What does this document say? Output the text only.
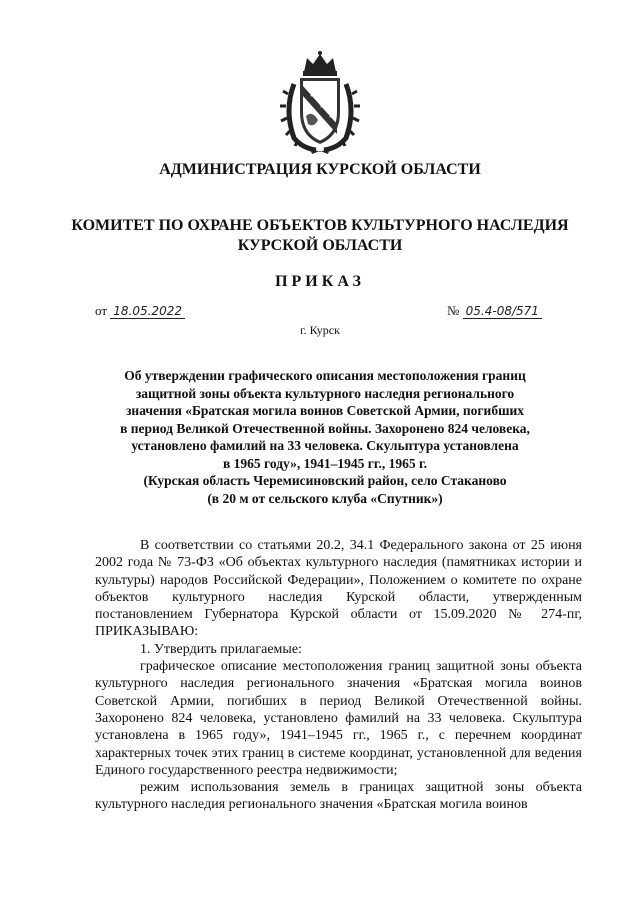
АДМИНИСТРАЦИЯ КУРСКОЙ ОБЛАСТИ
КОМИТЕТ ПО ОХРАНЕ ОБЪЕКТОВ КУЛЬТУРНОГО НАСЛЕДИЯ
КУРСКОЙ ОБЛАСТИ
ПРИКАЗ
от 18.05.2022	№ 05.4-08/571
г. Курск
Об утверждении графического описания местоположения границ
защитной зоны объекта культурного наследия регионального
значения «Братская могила воинов Советской Армии, погибших
в период Великой Отечественной войны. Захоронено 824 человека,
установлено фамилий на 33 человека. Скульптура установлена
в 1965 году», 1941–1945 гг., 1965 г.
(Курская область Черемисиновский район, село Стаканово
(в 20 м от сельского клуба «Спутник»)

В соответствии со статьями 20.2, 34.1 Федерального закона от 25 июня 2002 года № 73-ФЗ «Об объектах культурного наследия (памятниках истории и культуры) народов Российской Федерации», Положением о комитете по охране объектов культурного наследия Курской области, утвержденным постановлением Губернатора Курской области от 15.09.2020 № 274-пг, ПРИКАЗЫВАЮ:

1. Утвердить прилагаемые:

графическое описание местоположения границ защитной зоны объекта культурного наследия регионального значения «Братская могила воинов Советской Армии, погибших в период Великой Отечественной войны. Захоронено 824 человека, установлено фамилий на 33 человека. Скульптура установлена в 1965 году», 1941–1945 гг., 1965 г., с перечнем координат характерных точек этих границ в системе координат, установленной для ведения Единого государственного реестра недвижимости;

режим использования земель в границах защитной зоны объекта культурного наследия регионального значения «Братская могила воинов
